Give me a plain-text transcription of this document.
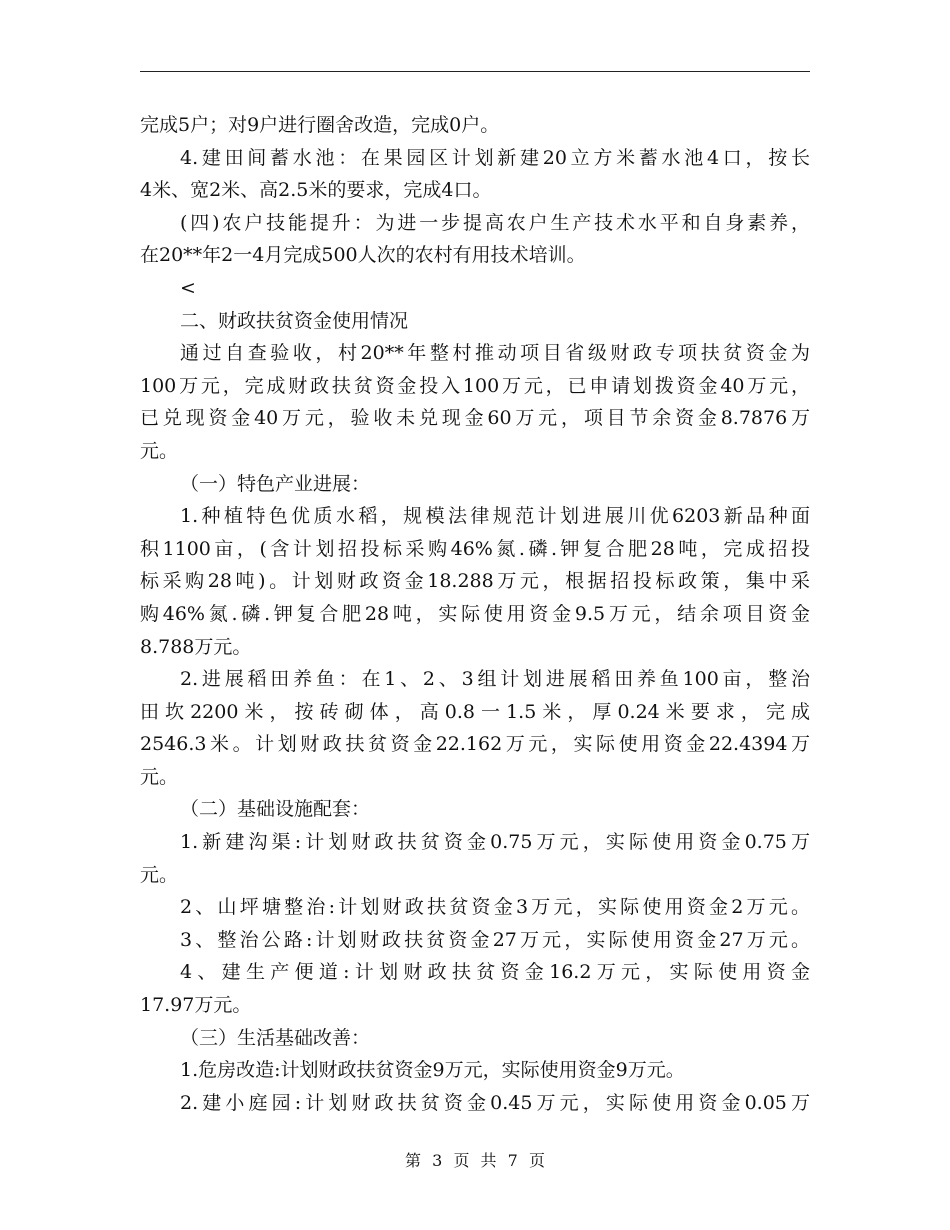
完成5户；对9户进行圈舍改造，完成0户。
4.建田间蓄水池：在果园区计划新建20立方米蓄水池4口，按长
4米、宽2米、高2.5米的要求，完成4口。
(四)农户技能提升：为进一步提高农户生产技术水平和自身素养，
在20**年2一4月完成500人次的农村有用技术培训。
<
二、财政扶贫资金使用情况
通过自查验收，村20**年整村推动项目省级财政专项扶贫资金为
100万元，完成财政扶贫资金投入100万元，已申请划拨资金40万元，
已兑现资金40万元，验收未兑现金60万元，项目节余资金8.7876万
元。
（一）特色产业进展：
1.种植特色优质水稻，规模法律规范计划进展川优6203新品种面
积1100亩，(含计划招投标采购46%氮.磷.钾复合肥28吨，完成招投
标采购28吨)。计划财政资金18.288万元，根据招投标政策，集中采
购46%氮.磷.钾复合肥28吨，实际使用资金9.5万元，结余项目资金
8.788万元。
2.进展稻田养鱼：在1、2、3组计划进展稻田养鱼100亩，整治
田坎2200米，按砖砌体，高0.8一1.5米，厚0.24米要求，完成
2546.3米。计划财政扶贫资金22.162万元，实际使用资金22.4394万
元。
（二）基础设施配套：
1.新建沟渠:计划财政扶贫资金0.75万元，实际使用资金0.75万
元。
2、山坪塘整治:计划财政扶贫资金3万元，实际使用资金2万元。
3、整治公路:计划财政扶贫资金27万元，实际使用资金27万元。
4、建生产便道:计划财政扶贫资金16.2万元，实际使用资金
17.97万元。
（三）生活基础改善：
1.危房改造:计划财政扶贫资金9万元，实际使用资金9万元。
2.建小庭园:计划财政扶贫资金0.45万元，实际使用资金0.05万
第 3 页 共 7 页
